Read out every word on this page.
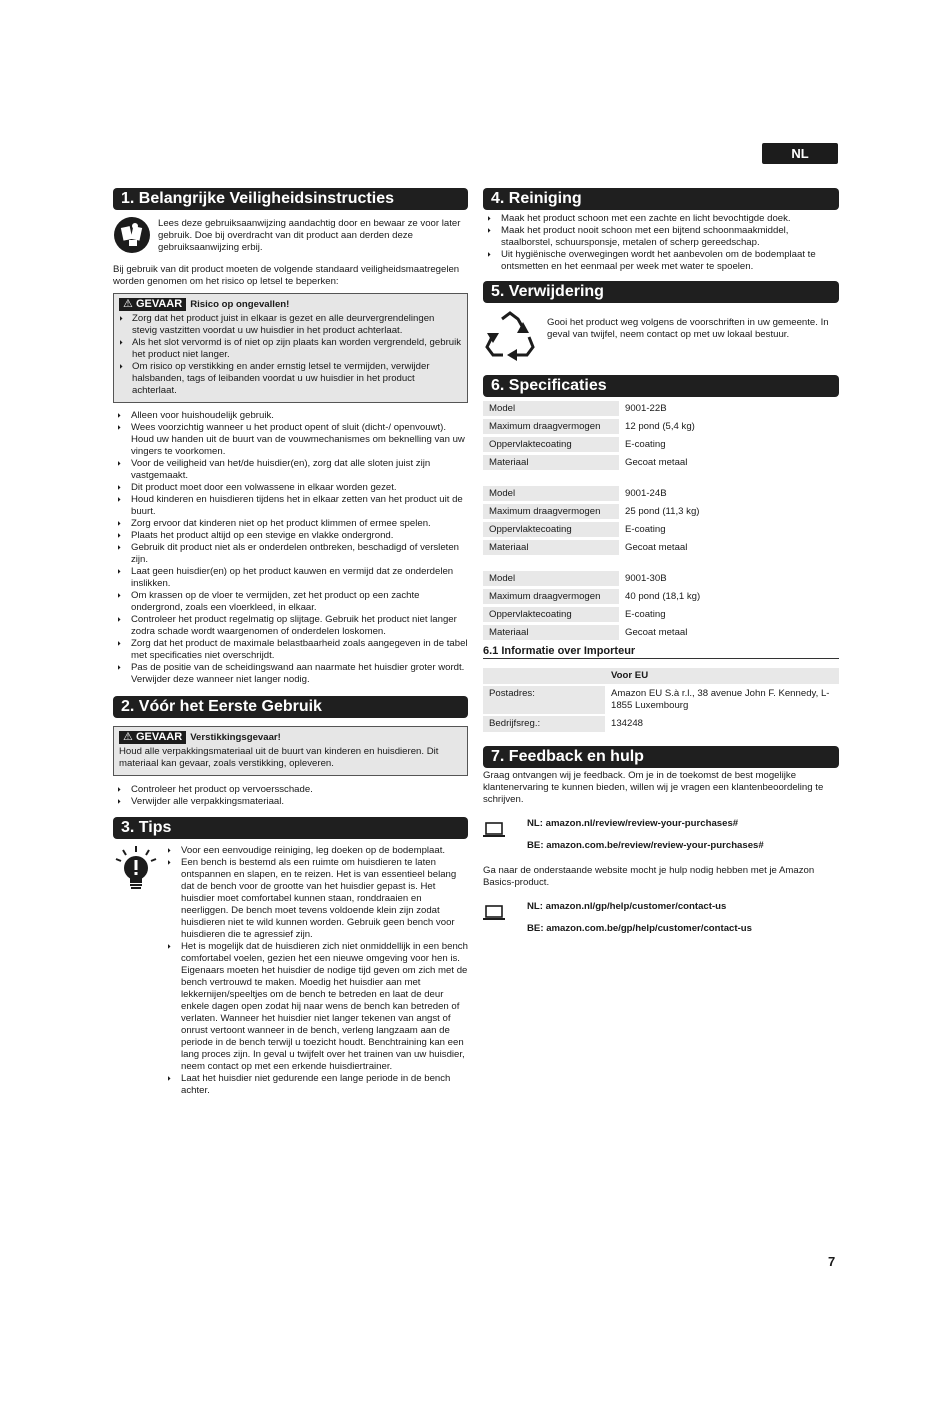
NL
1. Belangrijke Veiligheidsinstructies

Lees deze gebruiksaanwijzing aandachtig door en bewaar ze voor later gebruik. Doe bij overdracht van dit product aan derden deze gebruiksaanwijzing erbij.

Bij gebruik van dit product moeten de volgende standaard veiligheidsmaatregelen worden genomen om het risico op letsel te beperken:

⚠ GEVAAR Risico op ongevallen!
▶ Zorg dat het product juist in elkaar is gezet en alle deurvergrendelingen stevig vastzitten voordat u uw huisdier in het product achterlaat.
▶ Als het slot vervormd is of niet op zijn plaats kan worden vergrendeld, gebruik het product niet langer.
▶ Om risico op verstikking en ander ernstig letsel te vermijden, verwijder halsbanden, tags of leibanden voordat u uw huisdier in het product achterlaat.
▶ Alleen voor huishoudelijk gebruik.
▶ Wees voorzichtig wanneer u het product opent of sluit (dicht-/ openvouwt). Houd uw handen uit de buurt van de vouwmechanismes om beknelling van uw vingers te voorkomen.
▶ Voor de veiligheid van het/de huisdier(en), zorg dat alle sloten juist zijn vastgemaakt.
▶ Dit product moet door een volwassene in elkaar worden gezet.
▶ Houd kinderen en huisdieren tijdens het in elkaar zetten van het product uit de buurt.
▶ Zorg ervoor dat kinderen niet op het product klimmen of ermee spelen.
▶ Plaats het product altijd op een stevige en vlakke ondergrond.
▶ Gebruik dit product niet als er onderdelen ontbreken, beschadigd of versleten zijn.
▶ Laat geen huisdier(en) op het product kauwen en vermijd dat ze onderdelen inslikken.
▶ Om krassen op de vloer te vermijden, zet het product op een zachte ondergrond, zoals een vloerkleed, in elkaar.
▶ Controleer het product regelmatig op slijtage. Gebruik het product niet langer zodra schade wordt waargenomen of onderdelen loskomen.
▶ Zorg dat het product de maximale belastbaarheid zoals aangegeven in de tabel met specificaties niet overschrijdt.
▶ Pas de positie van de scheidingswand aan naarmate het huisdier groter wordt. Verwijder deze wanneer niet langer nodig.
2. Vóór het Eerste Gebruik
⚠ GEVAAR Verstikkingsgevaar!

Houd alle verpakkingsmateriaal uit de buurt van kinderen en huisdieren. Dit materiaal kan gevaar, zoals verstikking, opleveren.

▶ Controleer het product op vervoersschade.
▶ Verwijder alle verpakkingsmateriaal.
3. Tips
▶ Voor een eenvoudige reiniging, leg doeken op de bodemplaat.
▶ Een bench is bestemd als een ruimte om huisdieren te laten ontspannen en slapen, en te reizen. Het is van essentieel belang dat de bench voor de grootte van het huisdier gepast is. Het huisdier moet comfortabel kunnen staan, ronddraaien en neerliggen. De bench moet tevens voldoende klein zijn zodat huisdieren niet te wild kunnen worden. Gebruik geen bench voor huisdieren die te agressief zijn.
▶ Het is mogelijk dat de huisdieren zich niet onmiddellijk in een bench comfortabel voelen, gezien het een nieuwe omgeving voor hen is. Eigenaars moeten het huisdier de nodige tijd geven om zich met de bench vertrouwd te maken. Moedig het huisdier aan met lekkernijen/speeltjes om de bench te betreden en laat de deur enkele dagen open zodat hij naar wens de bench kan betreden of verlaten. Wanneer het huisdier niet langer tekenen van angst of onrust vertoont wanneer in de bench, verleng langzaam aan de periode in de bench terwijl u toezicht houdt. Benchtraining kan een lang proces zijn. In geval u twijfelt over het trainen van uw huisdier, neem contact op met een erkende huisdiertrainer.
▶ Laat het huisdier niet gedurende een lange periode in de bench achter.
4. Reiniging
▶ Maak het product schoon met een zachte en licht bevochtigde doek.
▶ Maak het product nooit schoon met een bijtend schoonmaakmiddel, staalborstel, schuursponsje, metalen of scherp gereedschap.
▶ Uit hygiënische overwegingen wordt het aanbevolen om de bodemplaat te ontsmetten en het eenmaal per week met water te spoelen.
5. Verwijdering

Gooi het product weg volgens de voorschriften in uw gemeente. In geval van twijfel, neem contact op met uw lokaal bestuur.

6. Specificaties
Model	9001-22B
Maximum draagvermogen	12 pond (5,4 kg)
Oppervlaktecoating	E-coating
Materiaal	Gecoat metaal
Model	9001-24B
Maximum draagvermogen	25 pond (11,3 kg)
Oppervlaktecoating	E-coating
Materiaal	Gecoat metaal
Model	9001-30B
Maximum draagvermogen	40 pond (18,1 kg)
Oppervlaktecoating	E-coating
Materiaal	Gecoat metaal
6.1 Informatie over Importeur
	Voor EU
Postadres:	Amazon EU S.à r.l., 38 avenue John F. Kennedy, L-1855 Luxembourg
Bedrijfsreg.:	134248
7. Feedback en hulp

Graag ontvangen wij je feedback. Om je in de toekomst de best mogelijke klantenervaring te kunnen bieden, willen wij je vragen een klantenbeoordeling te schrijven.

NL: amazon.nl/review/review-your-purchases#
BE: amazon.com.be/review/review-your-purchases#

Ga naar de onderstaande website mocht je hulp nodig hebben met je Amazon Basics-product.

NL: amazon.nl/gp/help/customer/contact-us
BE: amazon.com.be/gp/help/customer/contact-us
7
